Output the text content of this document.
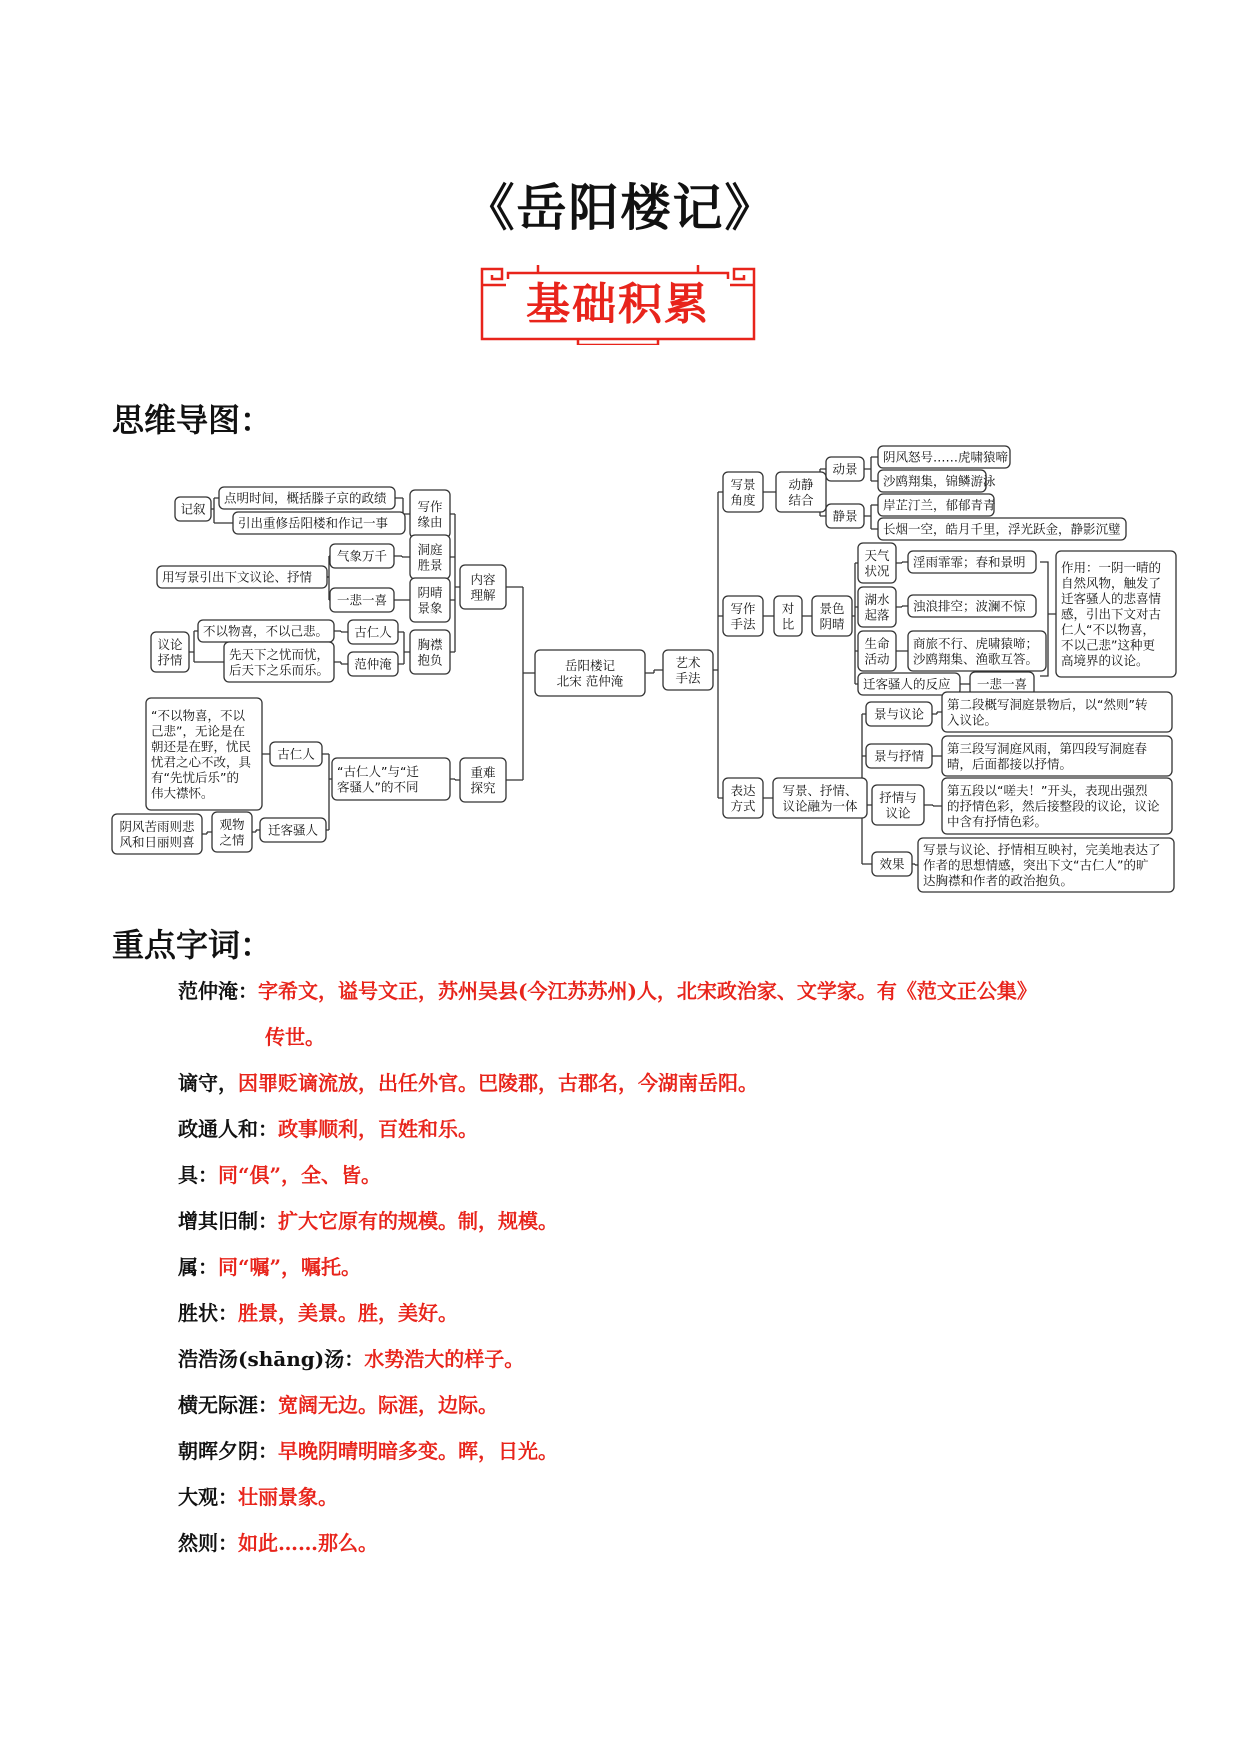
《岳阳楼记》
基础积累
思维导图：
岳阳楼记
北宋 范仲淹
点明时间，概括滕子京的政绩
引出重修岳阳楼和作记一事
记叙	写作
缘由
气象万千 洞庭
胜景
用写景引出下文议论、抒情
一悲一喜
阴晴
景象
不以物喜，不以己悲。
先天下之忧而忧，
后天下之乐而乐。
古仁人
范仲淹
胸襟
抱负
议论
抒情
内容
理解
古仁人
“不以物喜，不以
己悲”，无论是在
朝还是在野，忧民
忧君之心不改，具
有“先忧后乐”的
伟大襟怀。
“古仁人”与“迁
客骚人”的不同
重难
探究
迁客骚人
观物
之情
阴风苦雨则悲
风和日丽则喜
艺术
手法
写景
角度
动静
结合
动景
阴风怒号……虎啸猿啼
沙鸥翔集，锦鳞游泳
静景
岸芷汀兰，郁郁青青
长烟一空，皓月千里，浮光跃金，静影沉璧
写作
手法
对
比
景色
阴晴
天气
状况
淫雨霏霏；春和景明
湖水
起落
浊浪排空；波澜不惊
生命
活动
商旅不行、虎啸猿啼；
沙鸥翔集、渔歌互答。
迁客骚人的反应 一悲一喜
作用：一阴一晴的
自然风物，触发了
迁客骚人的悲喜情
感，引出下文对古
仁人“不以物喜，
不以己悲”这种更
高境界的议论。
表达
方式
写景、抒情、
议论融为一体
景与议论
第二段概写洞庭景物后，以“然则”转
入议论。
景与抒情
第三段写洞庭风雨，第四段写洞庭春
晴，后面都接以抒情。
抒情与
议论
第五段以“嗟夫！”开头，表现出强烈
的抒情色彩，然后接整段的议论，议论
中含有抒情色彩。
效果
写景与议论、抒情相互映衬，完美地表达了
作者的思想情感，突出下文“古仁人”的旷
达胸襟和作者的政治抱负。
重点字词：
范仲淹：字希文，谥号文正，苏州吴县(今江苏苏州)人，北宋政治家、文学家。有《范文正公集》
传世。
谪守，因罪贬谪流放，出任外官。巴陵郡，古郡名，今湖南岳阳。
政通人和：政事顺利，百姓和乐。
具：同“俱”，全、皆。
增其旧制：扩大它原有的规模。制，规模。
属：同“嘱”，嘱托。
胜状：胜景，美景。胜，美好。
浩浩汤(shāng)汤：水势浩大的样子。
横无际涯：宽阔无边。际涯，边际。
朝晖夕阴：早晚阴晴明暗多变。晖，日光。
大观：壮丽景象。
然则：如此……那么。
